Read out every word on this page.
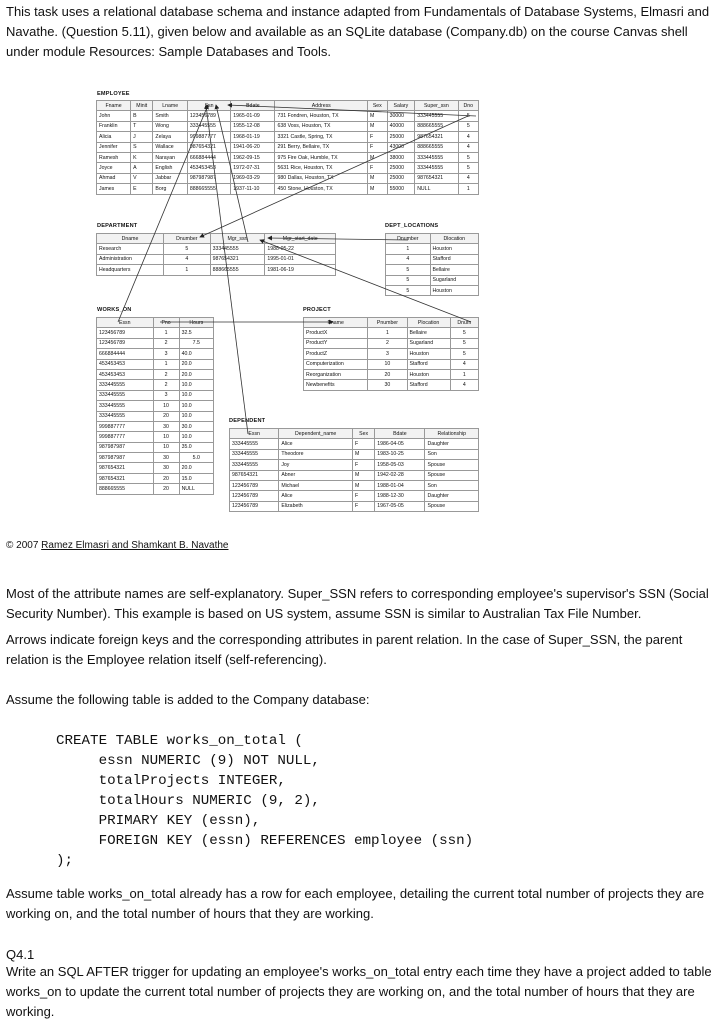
This task uses a relational database schema and instance adapted from Fundamentals of Database Systems, Elmasri and Navathe. (Question 5.11), given below and available as an SQLite database (Company.db) on the course Canvas shell under module Resources: Sample Databases and Tools.
EMPLOYEE
Fname	Minit	Lname	Ssn	Bdate	Address	Sex	Salary	Super_ssn	Dno
John	B	Smith	123456789	1965-01-09	731 Fondren, Houston, TX	M	30000	333445555	5
Franklin	T	Wong	333445555	1955-12-08	638 Voss, Houston, TX	M	40000	888665555	5
Alicia	J	Zelaya	999887777	1968-01-19	3321 Castle, Spring, TX	F	25000	987654321	4
Jennifer	S	Wallace	987654321	1941-06-20	291 Berry, Bellaire, TX	F	43000	888665555	4
Ramesh	K	Narayan	666884444	1962-09-15	975 Fire Oak, Humble, TX	M	38000	333445555	5
Joyce	A	English	453453453	1972-07-31	5631 Rice, Houston, TX	F	25000	333445555	5
Ahmad	V	Jabbar	987987987	1969-03-29	980 Dallas, Houston, TX	M	25000	987654321	4
James	E	Borg	888665555	1937-11-10	450 Stone, Houston, TX	M	55000	NULL	1
DEPARTMENT
Dname	Dnumber	Mgr_ssn	Mgr_start_date
Research	5	333445555	1988-05-22
Administration	4	987654321	1995-01-01
Headquarters	1	888665555	1981-06-19
DEPT_LOCATIONS
Dnumber	Dlocation
1	Houston
4	Stafford
5	Bellaire
5	Sugarland
5	Houston
WORKS_ON
Essn	Pno	Hours
123456789	1	32.5
123456789	2	7.5
666884444	3	40.0
453453453	1	20.0
453453453	2	20.0
333445555	2	10.0
333445555	3	10.0
333445555	10	10.0
333445555	20	10.0
999887777	30	30.0
999887777	10	10.0
987987987	10	35.0
987987987	30	5.0
987654321	30	20.0
987654321	20	15.0
888665555	20	NULL
PROJECT
Pname	Pnumber	Plocation	Dnum
ProductX	1	Bellaire	5
ProductY	2	Sugarland	5
ProductZ	3	Houston	5
Computerization	10	Stafford	4
Reorganization	20	Houston	1
Newbenefits	30	Stafford	4
DEPENDENT
Essn	Dependent_name	Sex	Bdate	Relationship
333445555	Alice	F	1986-04-05	Daughter
333445555	Theodore	M	1983-10-25	Son
333445555	Joy	F	1958-05-03	Spouse
987654321	Abner	M	1942-02-28	Spouse
123456789	Michael	M	1988-01-04	Son
123456789	Alice	F	1988-12-30	Daughter
123456789	Elizabeth	F	1967-05-05	Spouse
© 2007 Ramez Elmasri and Shamkant B. Navathe
Most of the attribute names are self-explanatory. Super_SSN refers to corresponding employee's supervisor's SSN (Social Security Number). This example is based on US system, assume SSN is similar to Australian Tax File Number.
Arrows indicate foreign keys and the corresponding attributes in parent relation. In the case of Super_SSN, the parent relation is the Employee relation itself (self-referencing).
Assume the following table is added to the Company database:
CREATE TABLE works_on_total (
essn NUMERIC (9) NOT NULL,
totalProjects INTEGER,
totalHours NUMERIC (9, 2),
PRIMARY KEY (essn),
FOREIGN KEY (essn) REFERENCES employee (ssn)
);
Assume table works_on_total already has a row for each employee, detailing the current total number of projects they are working on, and the total number of hours that they are working.
Q4.1
Write an SQL AFTER trigger for updating an employee's works_on_total entry each time they have a project added to table works_on to update the current total number of projects they are working on, and the total number of hours that they are working.
